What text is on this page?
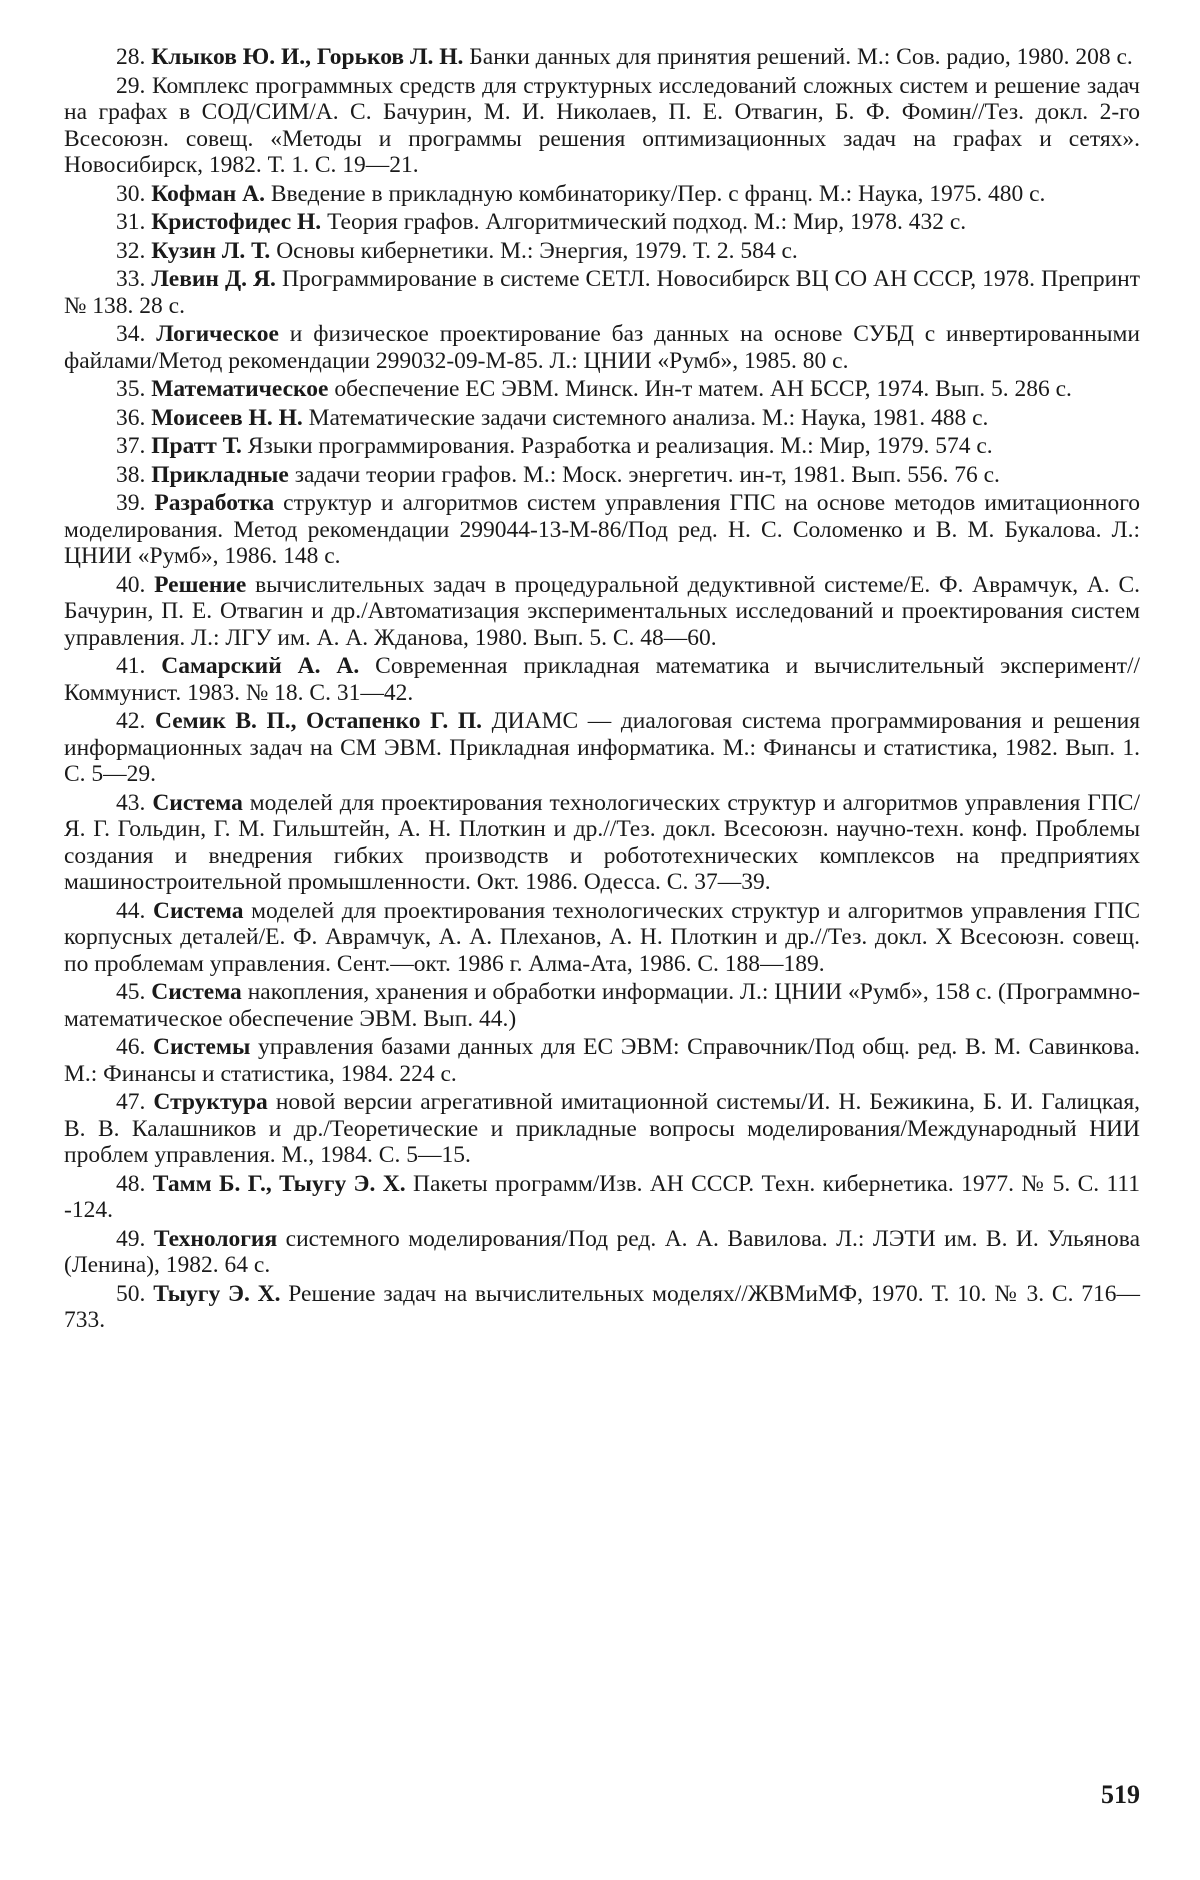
28. Клыков Ю. И., Горьков Л. Н. Банки данных для принятия решений. М.: Сов. радио, 1980. 208 с.

29. Комплекс программных средств для структурных исследований сложных систем и решение задач на графах в СОД/СИМ/А. С. Бачурин, М. И. Николаев, П. Е. Отвагин, Б. Ф. Фомин//Тез. докл. 2-го Всесоюзн. совещ. «Методы и программы решения оптимизационных задач на графах и сетях». Новосибирск, 1982. Т. 1. С. 19—21.

30. Кофман А. Введение в прикладную комбинаторику/Пер. с франц. М.: Наука, 1975. 480 с.

31. Кристофидес Н. Теория графов. Алгоритмический подход. М.: Мир, 1978. 432 с.

32. Кузин Л. Т. Основы кибернетики. М.: Энергия, 1979. Т. 2. 584 с.

33. Левин Д. Я. Программирование в системе СЕТЛ. Новосибирск ВЦ СО АН СССР, 1978. Препринт № 138. 28 с.

34. Логическое и физическое проектирование баз данных на основе СУБД с инвертированными файлами/Метод рекомендации 299032-09-М-85. Л.: ЦНИИ «Румб», 1985. 80 с.

35. Математическое обеспечение ЕС ЭВМ. Минск. Ин-т матем. АН БССР, 1974. Вып. 5. 286 с.

36. Моисеев Н. Н. Математические задачи системного анализа. М.: Наука, 1981. 488 с.

37. Пратт Т. Языки программирования. Разработка и реализация. М.: Мир, 1979. 574 с.

38. Прикладные задачи теории графов. М.: Моск. энергетич. ин-т, 1981. Вып. 556. 76 с.

39. Разработка структур и алгоритмов систем управления ГПС на основе методов имитационного моделирования. Метод рекомендации 299044-13-М-86/Под ред. Н. С. Соломенко и В. М. Букалова. Л.: ЦНИИ «Румб», 1986. 148 с.

40. Решение вычислительных задач в процедуральной дедуктивной системе/Е. Ф. Аврамчук, А. С. Бачурин, П. Е. Отвагин и др./Автоматизация экспериментальных исследований и проектирования систем управления. Л.: ЛГУ им. А. А. Жданова, 1980. Вып. 5. С. 48—60.

41. Самарский А. А. Современная прикладная математика и вычислительный эксперимент//Коммунист. 1983. № 18. С. 31—42.

42. Семик В. П., Остапенко Г. П. ДИАМС — диалоговая система программирования и решения информационных задач на СМ ЭВМ. Прикладная информатика. М.: Финансы и статистика, 1982. Вып. 1. С. 5—29.

43. Система моделей для проектирования технологических структур и алгоритмов управления ГПС/Я. Г. Гольдин, Г. М. Гильштейн, А. Н. Плоткин и др.//Тез. докл. Всесоюзн. научно-техн. конф. Проблемы создания и внедрения гибких производств и робототехнических комплексов на предприятиях машиностроительной промышленности. Окт. 1986. Одесса. С. 37—39.

44. Система моделей для проектирования технологических структур и алгоритмов управления ГПС корпусных деталей/Е. Ф. Аврамчук, А. А. Плеханов, А. Н. Плоткин и др.//Тез. докл. X Всесоюзн. совещ. по проблемам управления. Сент.—окт. 1986 г. Алма-Ата, 1986. С. 188—189.

45. Система накопления, хранения и обработки информации. Л.: ЦНИИ «Румб», 158 с. (Программно-математическое обеспечение ЭВМ. Вып. 44.)

46. Системы управления базами данных для ЕС ЭВМ: Справочник/Под общ. ред. В. М. Савинкова. М.: Финансы и статистика, 1984. 224 с.

47. Структура новой версии агрегативной имитационной системы/И. Н. Бежикина, Б. И. Галицкая, В. В. Калашников и др./Теоретические и прикладные вопросы моделирования/Международный НИИ проблем управления. М., 1984. С. 5—15.

48. Тамм Б. Г., Тыугу Э. Х. Пакеты программ/Изв. АН СССР. Техн. кибернетика. 1977. № 5. С. 111 -124.

49. Технология системного моделирования/Под ред. А. А. Вавилова. Л.: ЛЭТИ им. В. И. Ульянова (Ленина), 1982. 64 с.

50. Тыугу Э. Х. Решение задач на вычислительных моделях//ЖВМиМФ, 1970. Т. 10. № 3. С. 716—733.

519
